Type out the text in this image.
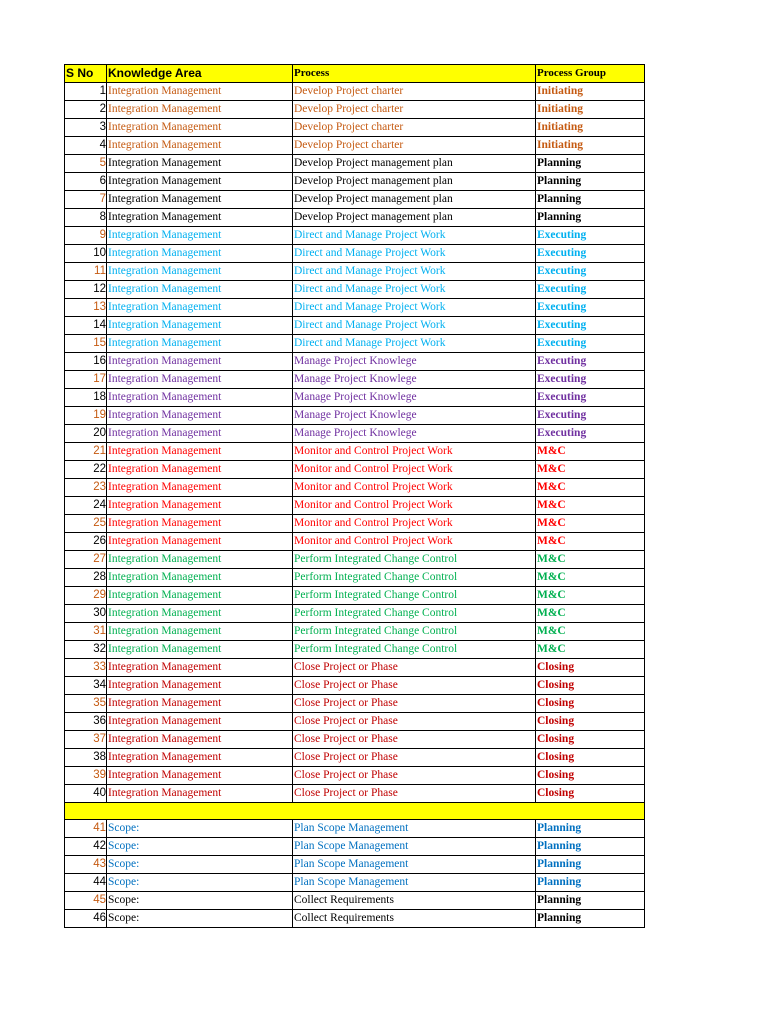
S No	Knowledge Area	Process	Process Group
1	Integration Management	Develop Project charter	Initiating
2	Integration Management	Develop Project charter	Initiating
3	Integration Management	Develop Project charter	Initiating
4	Integration Management	Develop Project charter	Initiating
5	Integration Management	Develop Project management plan	Planning
6	Integration Management	Develop Project management plan	Planning
7	Integration Management	Develop Project management plan	Planning
8	Integration Management	Develop Project management plan	Planning
9	Integration Management	Direct and Manage Project Work	Executing
10	Integration Management	Direct and Manage Project Work	Executing
11	Integration Management	Direct and Manage Project Work	Executing
12	Integration Management	Direct and Manage Project Work	Executing
13	Integration Management	Direct and Manage Project Work	Executing
14	Integration Management	Direct and Manage Project Work	Executing
15	Integration Management	Direct and Manage Project Work	Executing
16	Integration Management	Manage Project Knowlege	Executing
17	Integration Management	Manage Project Knowlege	Executing
18	Integration Management	Manage Project Knowlege	Executing
19	Integration Management	Manage Project Knowlege	Executing
20	Integration Management	Manage Project Knowlege	Executing
21	Integration Management	Monitor and Control Project Work	M&C
22	Integration Management	Monitor and Control Project Work	M&C
23	Integration Management	Monitor and Control Project Work	M&C
24	Integration Management	Monitor and Control Project Work	M&C
25	Integration Management	Monitor and Control Project Work	M&C
26	Integration Management	Monitor and Control Project Work	M&C
27	Integration Management	Perform Integrated Change Control	M&C
28	Integration Management	Perform Integrated Change Control	M&C
29	Integration Management	Perform Integrated Change Control	M&C
30	Integration Management	Perform Integrated Change Control	M&C
31	Integration Management	Perform Integrated Change Control	M&C
32	Integration Management	Perform Integrated Change Control	M&C
33	Integration Management	Close Project or Phase	Closing
34	Integration Management	Close Project or Phase	Closing
35	Integration Management	Close Project or Phase	Closing
36	Integration Management	Close Project or Phase	Closing
37	Integration Management	Close Project or Phase	Closing
38	Integration Management	Close Project or Phase	Closing
39	Integration Management	Close Project or Phase	Closing
40	Integration Management	Close Project or Phase	Closing

41	Scope:	Plan Scope Management	Planning
42	Scope:	Plan Scope Management	Planning
43	Scope:	Plan Scope Management	Planning
44	Scope:	Plan Scope Management	Planning
45	Scope:	Collect Requirements	Planning
46	Scope:	Collect Requirements	Planning
